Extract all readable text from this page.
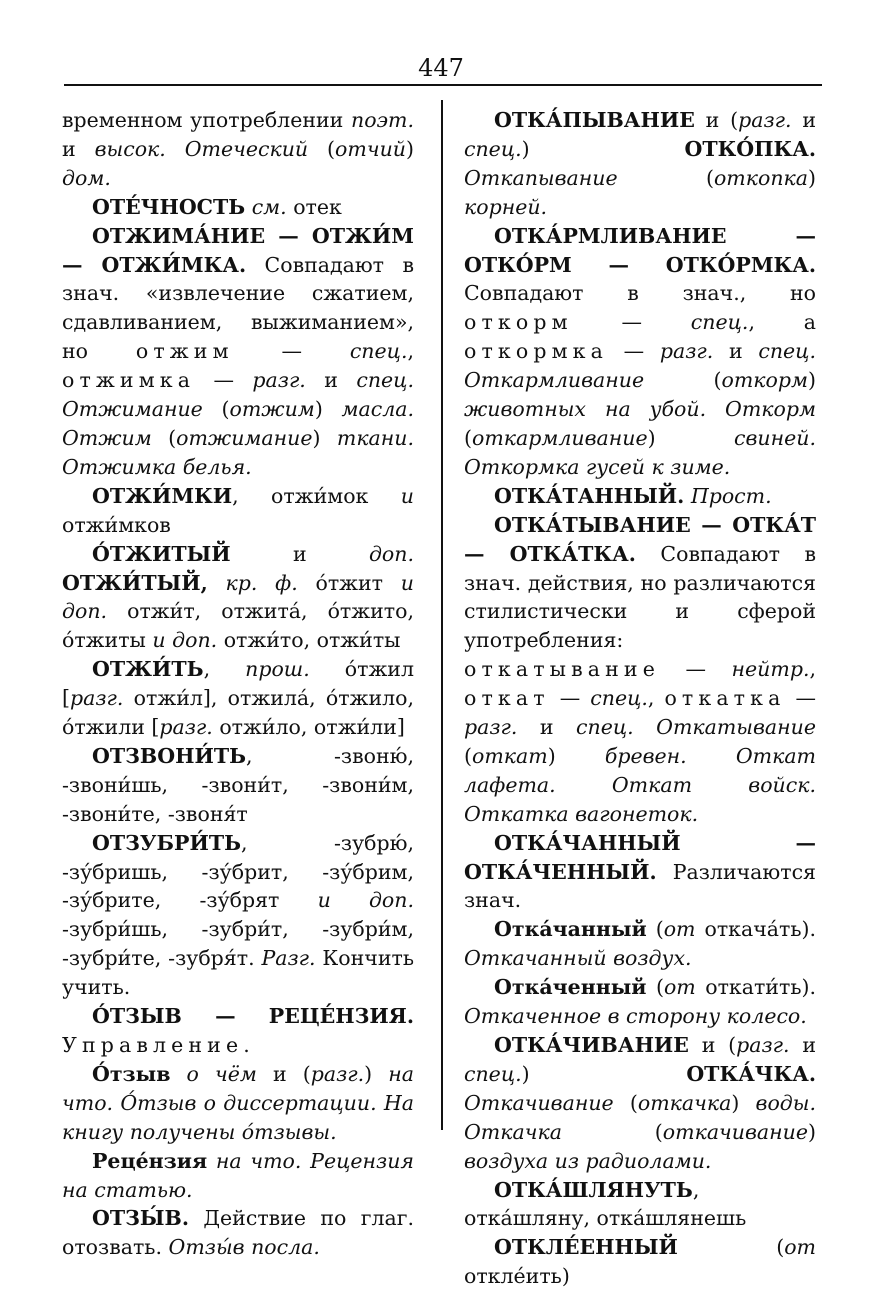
447

временном употреблении поэт. и высок. Отеческий (отчий) дом.

ОТЕ́ЧНОСТЬ см. отек

ОТЖИМА́НИЕ — ОТЖИ́М — ОТЖИ́МКА. Совпадают в знач. «извлечение сжатием, сдавливанием, выжиманием», но отжим — спец., отжимка — разг. и спец. Отжимание (отжим) масла. Отжим (отжимание) ткани. Отжимка белья.

ОТЖИ́МКИ, отжи́мок и отжи́мков

О́ТЖИТЫЙ и доп. ОТЖИ́ТЫЙ, кр. ф. о́тжит и доп. отжи́т, отжита́, о́тжито, о́тжиты и доп. отжи́то, отжи́ты

ОТЖИ́ТЬ, прош. о́тжил [разг. отжи́л], отжила́, о́тжило, о́тжили [разг. отжи́ло, отжи́ли]

ОТЗВОНИ́ТЬ, -звоню́, -звони́шь, -звони́т, -звони́м, -звони́те, -звоня́т

ОТЗУБРИ́ТЬ, -зубрю́, -зу́бришь, -зу́брит, -зу́брим, -зу́брите, -зу́брят и доп. -зубри́шь, -зубри́т, -зубри́м, -зубри́те, -зубря́т. Разг. Кончить учить.

О́ТЗЫВ — РЕЦЕ́НЗИЯ. Управление.

О́тзыв о чём и (разг.) на что. О́тзыв о диссертации. На книгу получены о́тзывы.

Реце́нзия на что. Рецензия на статью.

ОТЗЫ́В. Действие по глаг. отозвать. Отзы́в посла.

ОТКА́ПЫВАНИЕ и (разг. и спец.) ОТКО́ПКА. Откапывание (откопка) корней.

ОТКА́РМЛИВАНИЕ — ОТКО́РМ — ОТКО́РМКА. Совпадают в знач., но откорм — спец., а откормка — разг. и спец. Откармливание (откорм) животных на убой. Откорм (откармливание) свиней. Откормка гусей к зиме.

ОТКА́ТАННЫЙ. Прост.

ОТКА́ТЫВАНИЕ — ОТКА́Т — ОТКА́ТКА. Совпадают в знач. действия, но различаются стилистически и сферой употребления: откатывание — нейтр., откат — спец., откатка — разг. и спец. Откатывание (откат) бревен. Откат лафета. Откат войск. Откатка вагонеток.

ОТКА́ЧАННЫЙ — ОТКА́ЧЕННЫЙ. Различаются знач.

Отка́чанный (от откача́ть). Откачанный воздух.

Отка́ченный (от откати́ть). Откаченное в сторону колесо.

ОТКА́ЧИВАНИЕ и (разг. и спец.) ОТКА́ЧКА. Откачивание (откачка) воды. Откачка (откачивание) воздуха из радиолами.

ОТКА́ШЛЯНУТЬ, отка́шляну, отка́шлянешь

ОТКЛЕ́ЕННЫЙ (от откле́ить)
